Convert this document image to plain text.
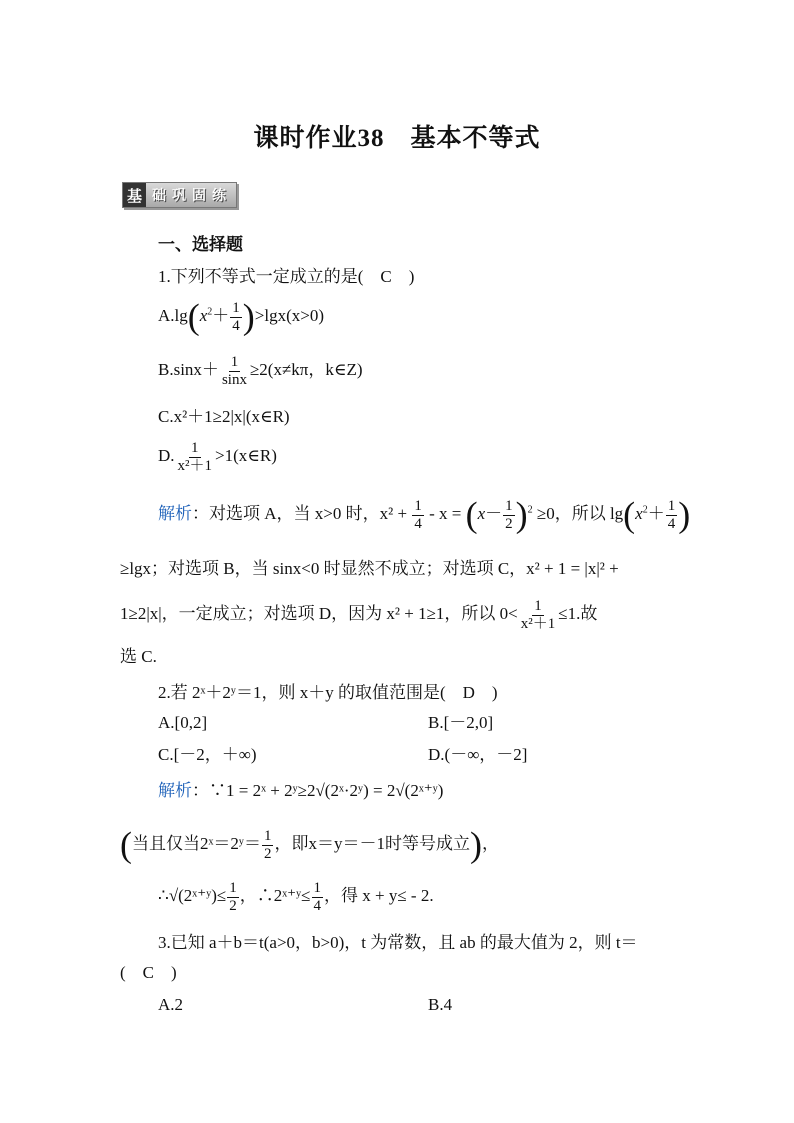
课时作业38　基本不等式
基 础巩固练
一、选择题
1.下列不等式一定成立的是(　C　)
$A.\lg(x^2+ \frac{1}{4} )>\lg x(x>0)$
$B.\sin x+ \frac{1}{\sin x} \ge 2(x\ne k\pi$，k∈Z)
C.x²＋1≥2|x|(x∈R)
D. $\frac{1}{\text{x²＋1}}$ >1(x∈R)
解析：对选项 A，当 x>0 时，$x^2 + \frac{1}{4} - x = (x- \frac{1}{2} )^2 \ge 0$，所以 $\lg(x^2+ \frac{1}{4}$ )
≥lgx；对选项 B，当 sinx<0 时显然不成立；对选项 C，x² + 1 = |x|² +
1≥2|x|，一定成立；对选项 D，因为 x² + 1≥1，所以 $0< \frac{1}{\text{x²＋1}} \le 1$.故
选 C.
2.若 2ˣ＋2ʸ＝1，则 x＋y 的取值范围是(　D　)
A.[0,2]	B.[－2,0]
C.[－2，＋∞)	D.(－∞，－2]
解析：∵1 = 2ˣ + 2ʸ≥2√(2ˣ·2ʸ) = 2√(2ˣ⁺ʸ)
(当且仅当2ˣ＝2ʸ＝ $\frac{1}{2}$ ，即x＝y＝－1时等号成立)，
∴√(2ˣ⁺ʸ)≤ $\frac{1}{2}$ ，∴2ˣ⁺ʸ≤ $\frac{1}{4}$ ，得 x + y≤ - 2.
3.已知 a＋b＝t(a>0，b>0)，t 为常数，且 ab 的最大值为 2，则 t＝
(　C　)
A.2	B.4
